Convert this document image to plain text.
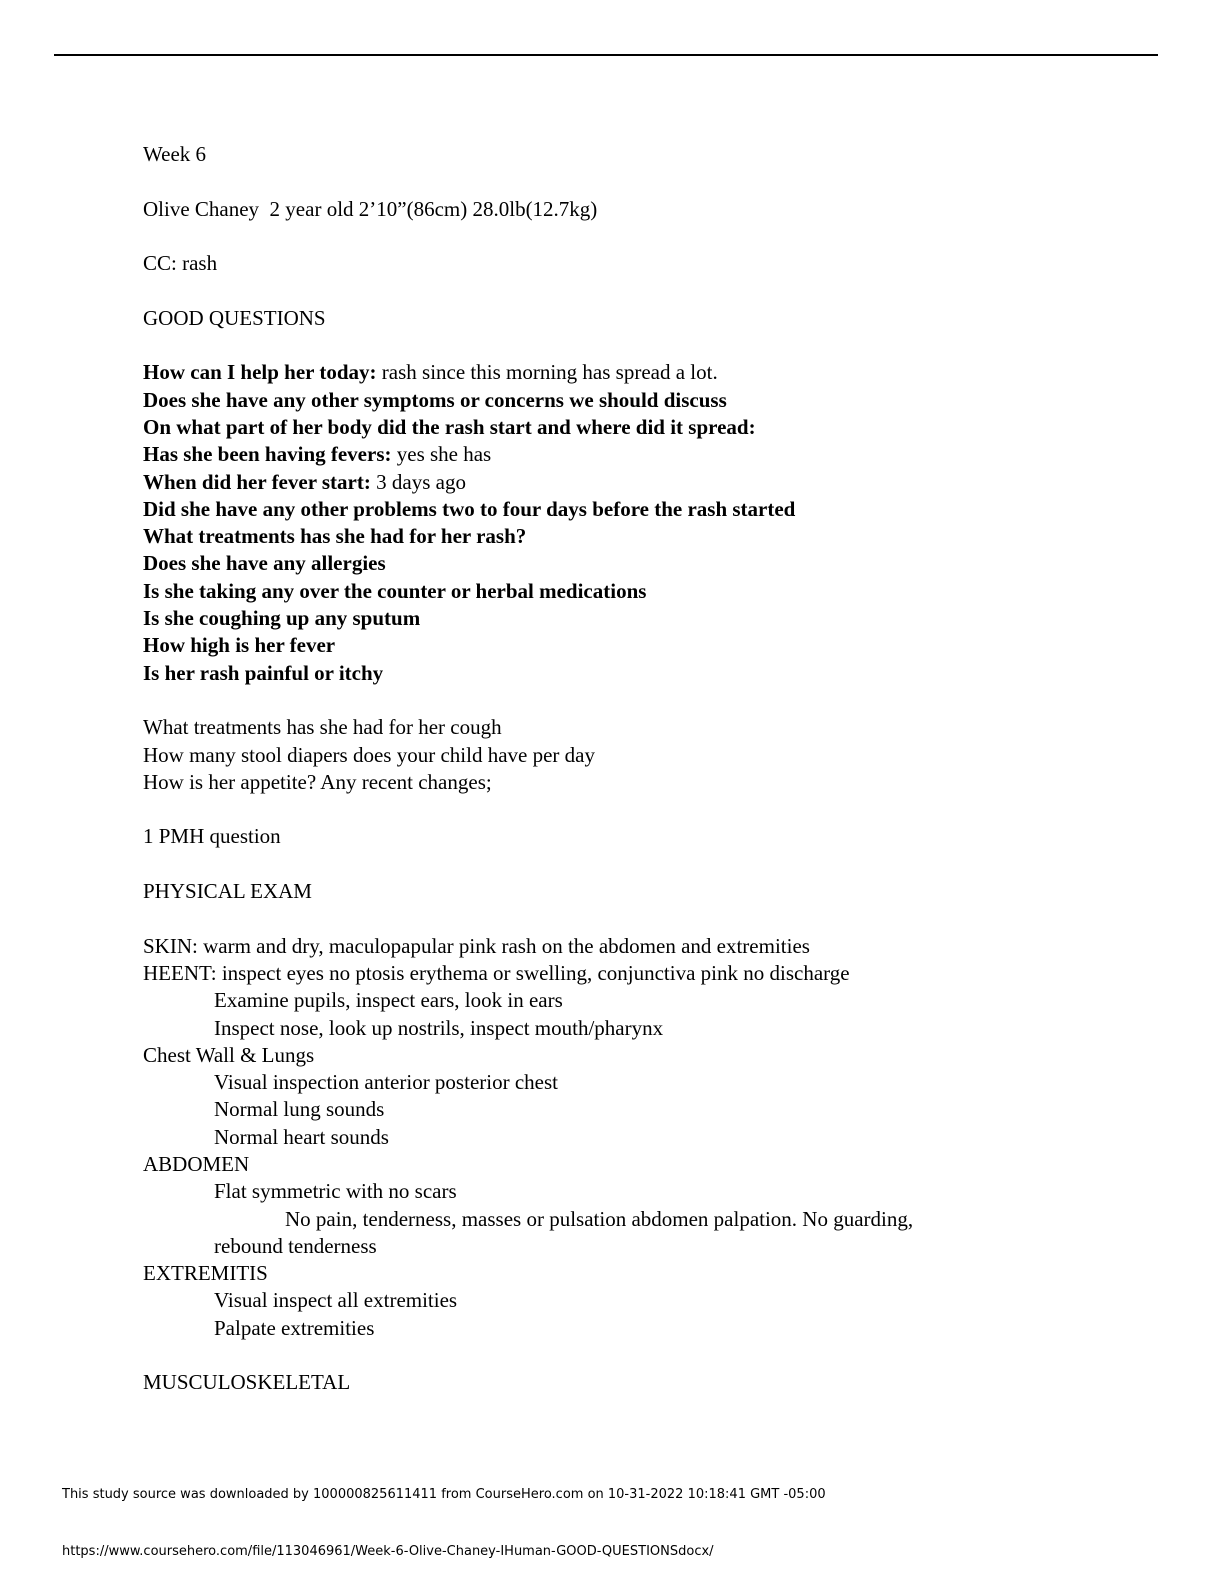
Week 6
Olive Chaney  2 year old 2’10”(86cm) 28.0lb(12.7kg)
CC: rash
GOOD QUESTIONS
How can I help her today: rash since this morning has spread a lot.
Does she have any other symptoms or concerns we should discuss
On what part of her body did the rash start and where did it spread:
Has she been having fevers: yes she has
When did her fever start: 3 days ago
Did she have any other problems two to four days before the rash started
What treatments has she had for her rash?
Does she have any allergies
Is she taking any over the counter or herbal medications
Is she coughing up any sputum
How high is her fever
Is her rash painful or itchy
What treatments has she had for her cough
How many stool diapers does your child have per day
How is her appetite? Any recent changes;
1 PMH question
PHYSICAL EXAM
SKIN: warm and dry, maculopapular pink rash on the abdomen and extremities
HEENT: inspect eyes no ptosis erythema or swelling, conjunctiva pink no discharge
Examine pupils, inspect ears, look in ears
Inspect nose, look up nostrils, inspect mouth/pharynx
Chest Wall & Lungs
Visual inspection anterior posterior chest
Normal lung sounds
Normal heart sounds
ABDOMEN
Flat symmetric with no scars
No pain, tenderness, masses or pulsation abdomen palpation. No guarding,
rebound tenderness
EXTREMITIS
Visual inspect all extremities
Palpate extremities
MUSCULOSKELETAL
This study source was downloaded by 100000825611411 from CourseHero.com on 10-31-2022 10:18:41 GMT -05:00
https://www.coursehero.com/file/113046961/Week-6-Olive-Chaney-IHuman-GOOD-QUESTIONSdocx/
